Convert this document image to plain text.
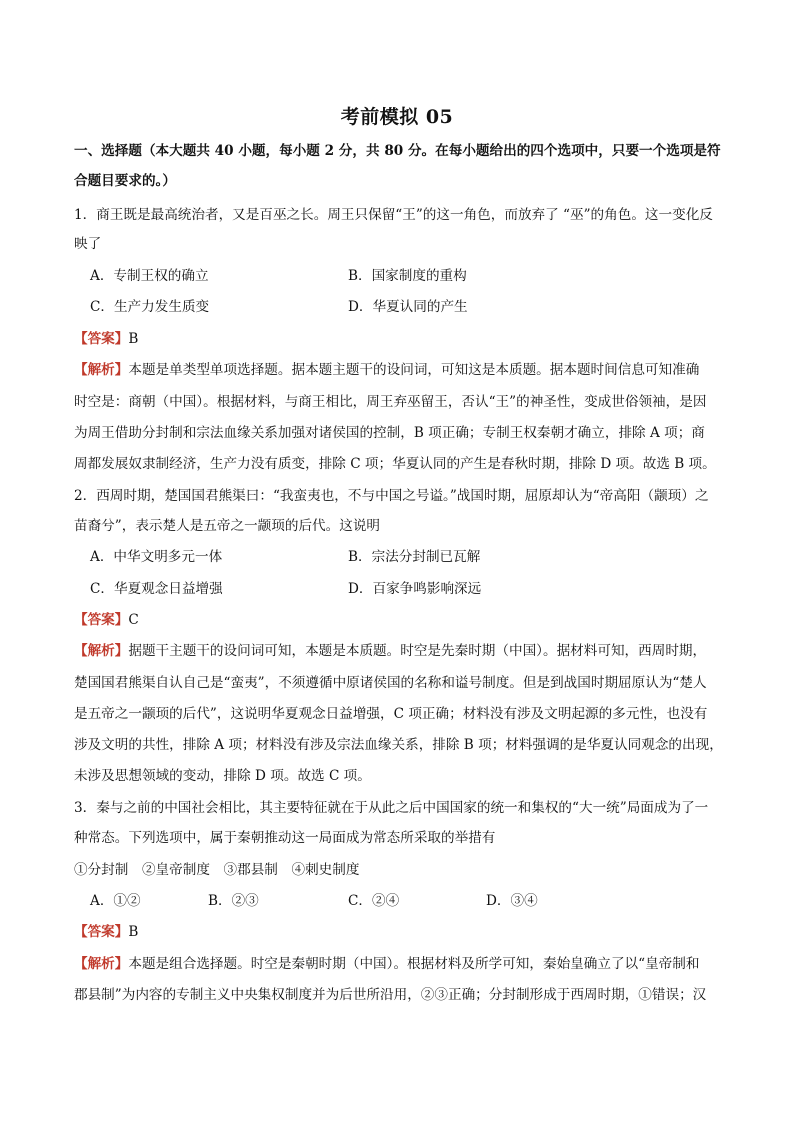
考前模拟 05
一、选择题（本大题共 40 小题，每小题 2 分，共 80 分。在每小题给出的四个选项中，只要一个选项是符
合题目要求的。）
1．商王既是最高统治者，又是百巫之长。周王只保留“王”的这一角色，而放弃了 “巫”的角色。这一变化反
映了
A．专制王权的确立	B．国家制度的重构
C．生产力发生质变	D．华夏认同的产生
【答案】B
【解析】本题是单类型单项选择题。据本题主题干的设问词，可知这是本质题。据本题时间信息可知准确
时空是：商朝（中国）。根据材料，与商王相比，周王弃巫留王，否认“王”的神圣性，变成世俗领袖，是因
为周王借助分封制和宗法血缘关系加强对诸侯国的控制，B 项正确；专制王权秦朝才确立，排除 A 项；商
周都发展奴隶制经济，生产力没有质变，排除 C 项；华夏认同的产生是春秋时期，排除 D 项。故选 B 项。
2．西周时期，楚国国君熊渠曰：“我蛮夷也，不与中国之号谥。”战国时期，屈原却认为“帝高阳（颛顼）之
苗裔兮”，表示楚人是五帝之一颛顼的后代。这说明
A．中华文明多元一体	B．宗法分封制已瓦解
C．华夏观念日益增强	D．百家争鸣影响深远
【答案】C
【解析】据题干主题干的设问词可知，本题是本质题。时空是先秦时期（中国）。据材料可知，西周时期，
楚国国君熊渠自认自己是“蛮夷”，不须遵循中原诸侯国的名称和谥号制度。但是到战国时期屈原认为“楚人
是五帝之一颛顼的后代”，这说明华夏观念日益增强，C 项正确；材料没有涉及文明起源的多元性，也没有
涉及文明的共性，排除 A 项；材料没有涉及宗法血缘关系，排除 B 项；材料强调的是华夏认同观念的出现，
未涉及思想领域的变动，排除 D 项。故选 C 项。
3．秦与之前的中国社会相比，其主要特征就在于从此之后中国国家的统一和集权的“大一统”局面成为了一
种常态。下列选项中，属于秦朝推动这一局面成为常态所采取的举措有
①分封制　②皇帝制度　③郡县制　④刺史制度
A．①②	B．②③	C．②④	D．③④
【答案】B
【解析】本题是组合选择题。时空是秦朝时期（中国）。根据材料及所学可知，秦始皇确立了以“皇帝制和
郡县制”为内容的专制主义中央集权制度并为后世所沿用，②③正确；分封制形成于西周时期，①错误；汉
